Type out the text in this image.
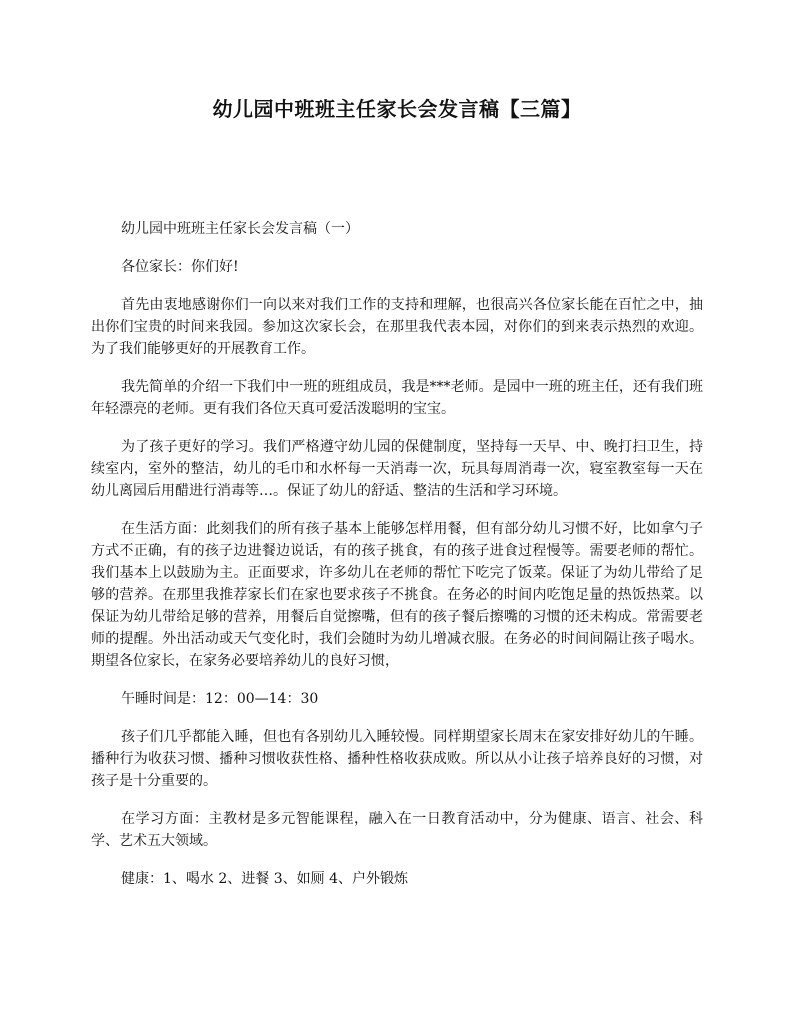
幼儿园中班班主任家长会发言稿【三篇】

幼儿园中班班主任家长会发言稿（一）

各位家长：你们好!

首先由衷地感谢你们一向以来对我们工作的支持和理解，也很高兴各位家长能在百忙之中，抽出你们宝贵的时间来我园。参加这次家长会，在那里我代表本园，对你们的到来表示热烈的欢迎。为了我们能够更好的开展教育工作。

我先简单的介绍一下我们中一班的班组成员，我是***老师。是园中一班的班主任，还有我们班年轻漂亮的老师。更有我们各位天真可爱活泼聪明的宝宝。

为了孩子更好的学习。我们严格遵守幼儿园的保健制度，坚持每一天早、中、晚打扫卫生，持续室内，室外的整洁，幼儿的毛巾和水杯每一天消毒一次，玩具每周消毒一次，寝室教室每一天在幼儿离园后用醋进行消毒等…。保证了幼儿的舒适、整洁的生活和学习环境。

在生活方面：此刻我们的所有孩子基本上能够怎样用餐，但有部分幼儿习惯不好，比如拿勺子方式不正确，有的孩子边进餐边说话，有的孩子挑食，有的孩子进食过程慢等。需要老师的帮忙。我们基本上以鼓励为主。正面要求，许多幼儿在老师的帮忙下吃完了饭菜。保证了为幼儿带给了足够的营养。在那里我推荐家长们在家也要求孩子不挑食。在务必的时间内吃饱足量的热饭热菜。以保证为幼儿带给足够的营养，用餐后自觉擦嘴，但有的孩子餐后擦嘴的习惯的还未构成。常需要老师的提醒。外出活动或天气变化时，我们会随时为幼儿增减衣服。在务必的时间间隔让孩子喝水。期望各位家长，在家务必要培养幼儿的良好习惯，

午睡时间是：12：00—14：30

孩子们几乎都能入睡，但也有各别幼儿入睡较慢。同样期望家长周末在家安排好幼儿的午睡。播种行为收获习惯、播种习惯收获性格、播种性格收获成败。所以从小让孩子培养良好的习惯，对孩子是十分重要的。

在学习方面：主教材是多元智能课程，融入在一日教育活动中，分为健康、语言、社会、科学、艺术五大领域。

健康：1、喝水 2、进餐 3、如厕 4、户外锻炼
